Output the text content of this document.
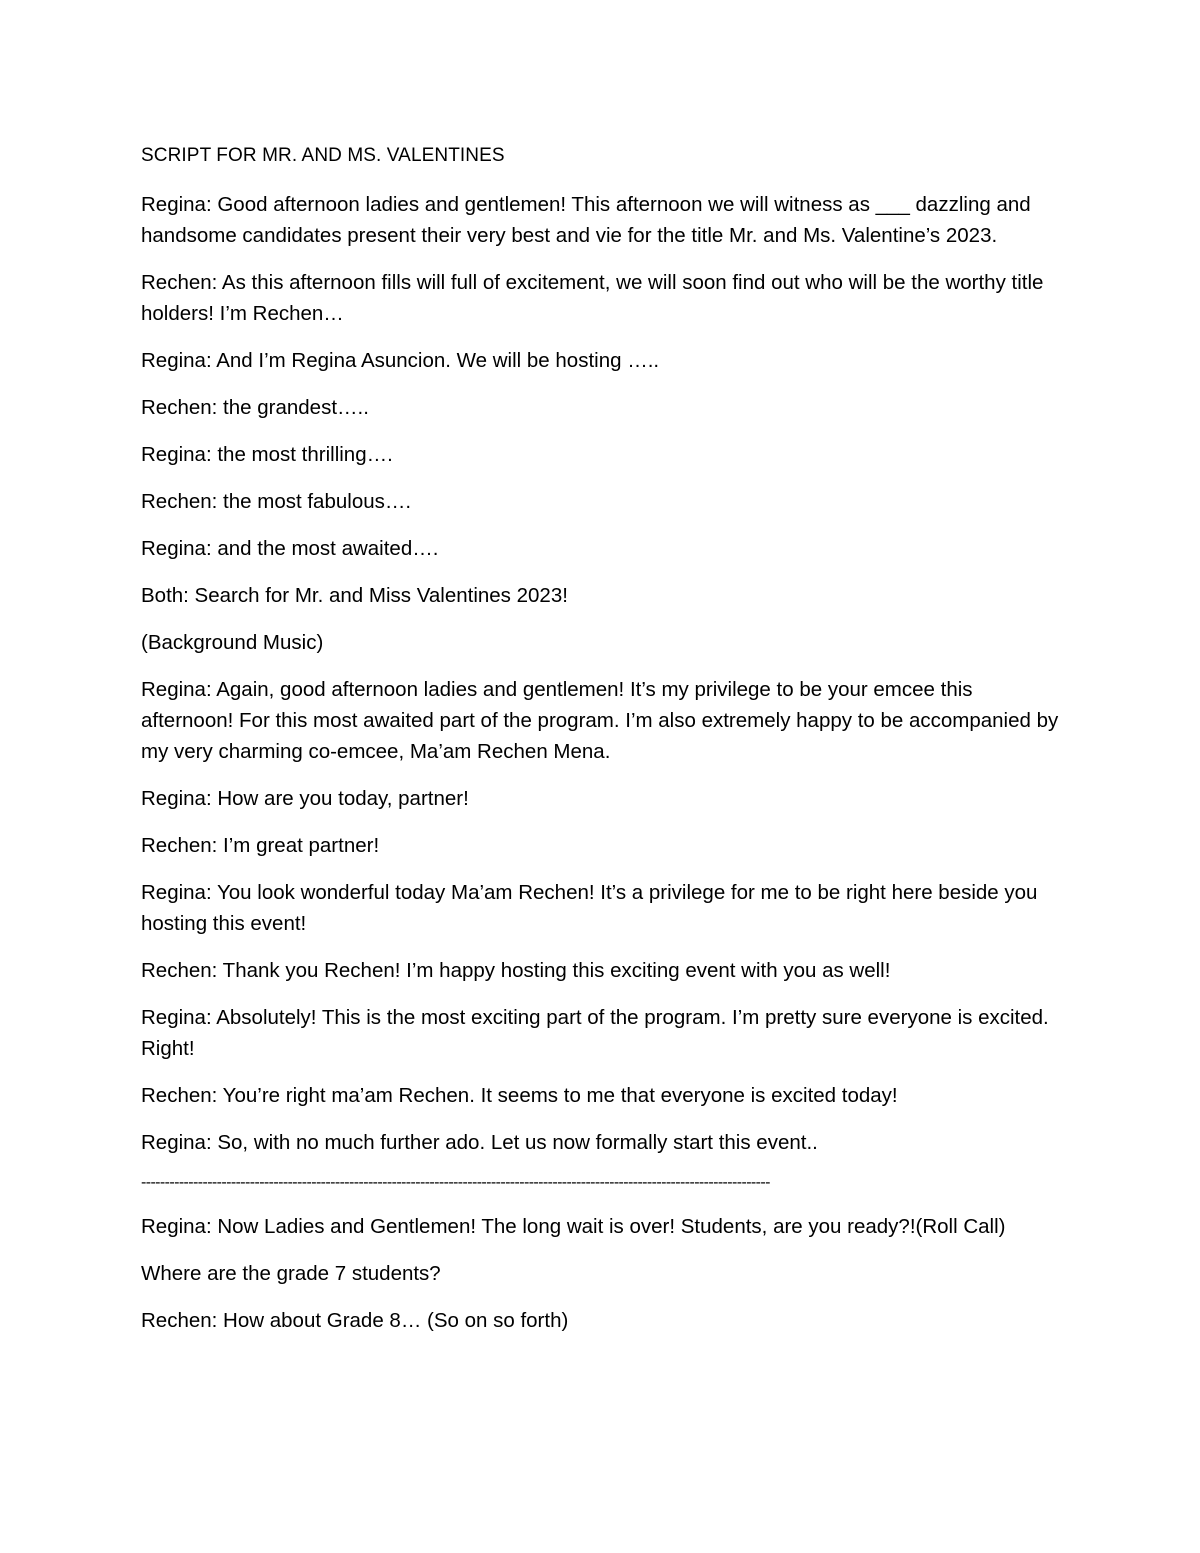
SCRIPT FOR MR. AND MS. VALENTINES

Regina: Good afternoon ladies and gentlemen! This afternoon we will witness as ___ dazzling and handsome candidates present their very best and vie for the title Mr. and Ms. Valentine’s 2023.

Rechen: As this afternoon fills will full of excitement, we will soon find out who will be the worthy title holders! I’m Rechen…

Regina: And I’m Regina Asuncion. We will be hosting …..

Rechen: the grandest…..

Regina: the most thrilling….

Rechen: the most fabulous….

Regina: and the most awaited….

Both: Search for Mr. and Miss Valentines 2023!

(Background Music)

Regina: Again, good afternoon ladies and gentlemen! It’s my privilege to be your emcee this afternoon! For this most awaited part of the program. I’m also extremely happy to be accompanied by my very charming co-emcee, Ma’am Rechen Mena.

Regina: How are you today, partner!

Rechen: I’m great partner!

Regina: You look wonderful today Ma’am Rechen! It’s a privilege for me to be right here beside you hosting this event!

Rechen: Thank you Rechen! I’m happy hosting this exciting event with you as well!

Regina: Absolutely! This is the most exciting part of the program. I’m pretty sure everyone is excited. Right!

Rechen: You’re right ma’am Rechen. It seems to me that everyone is excited today!

Regina: So, with no much further ado. Let us now formally start this event..

-------------------------------------------------------------------------------------------------------------------------------------

Regina: Now Ladies and Gentlemen! The long wait is over! Students, are you ready?!(Roll Call)

Where are the grade 7 students?

Rechen: How about Grade 8… (So on so forth)
